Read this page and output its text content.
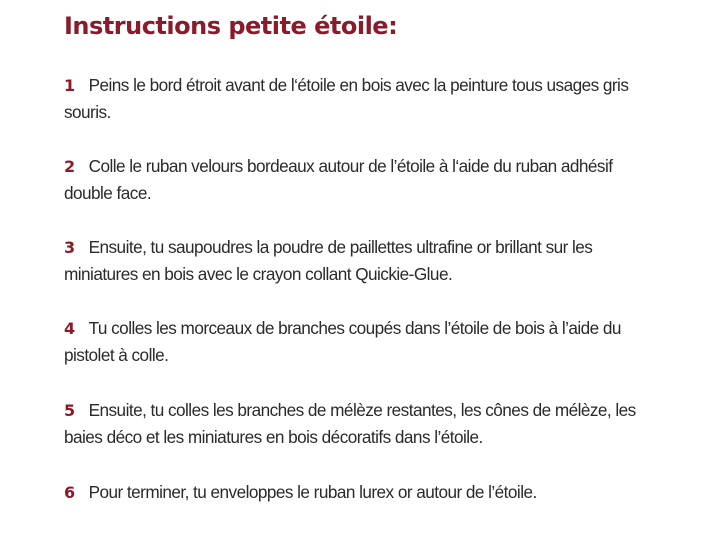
Instructions petite étoile:
1 Peins le bord étroit avant de l‘étoile en bois avec la peinture tous usages gris souris.
2 Colle le ruban velours bordeaux autour de l’étoile à l‘aide du ruban adhésif double face.
3 Ensuite, tu saupoudres la poudre de paillettes ultrafine or brillant sur les miniatures en bois avec le crayon collant Quickie-Glue.
4 Tu colles les morceaux de branches coupés dans l’étoile de bois à l’aide du pistolet à colle.
5 Ensuite, tu colles les branches de mélèze restantes, les cônes de mélèze, les baies déco et les miniatures en bois décoratifs dans l’étoile.
6 Pour terminer, tu enveloppes le ruban lurex or autour de l’étoile.
